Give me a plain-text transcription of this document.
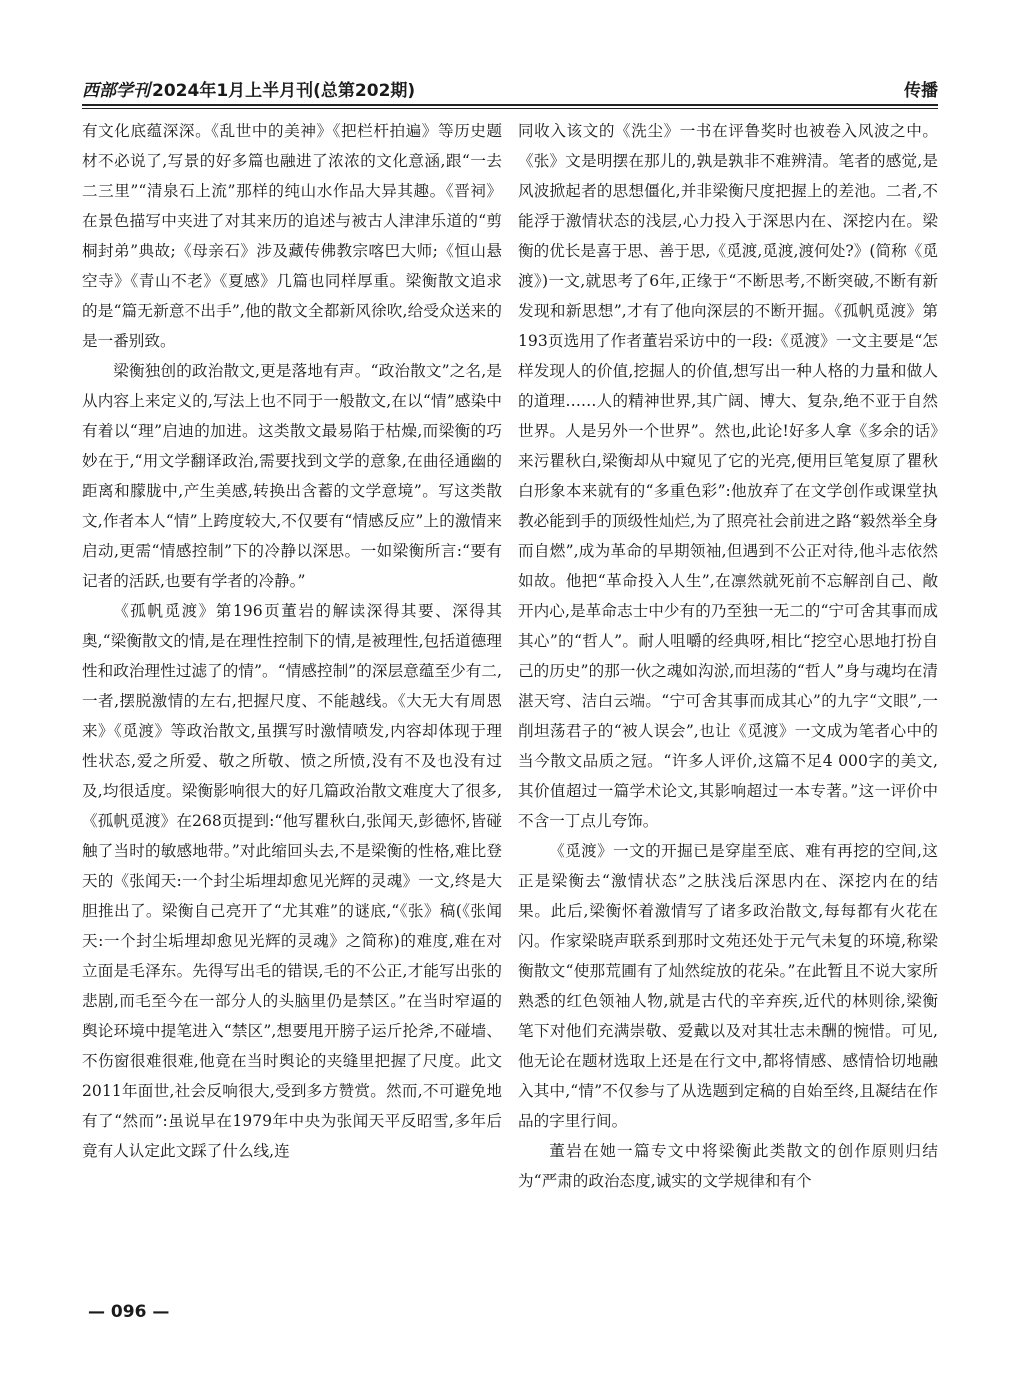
西部学刊 2024年1月上半月刊(总第202期)	传播

有文化底蕴深深。《乱世中的美神》《把栏杆拍遍》等历史题材不必说了,写景的好多篇也融进了浓浓的文化意涵,跟“一去二三里”“清泉石上流”那样的纯山水作品大异其趣。《晋祠》在景色描写中夹进了对其来历的追述与被古人津津乐道的“剪桐封弟”典故;《母亲石》涉及藏传佛教宗喀巴大师;《恒山悬空寺》《青山不老》《夏感》几篇也同样厚重。梁衡散文追求的是“篇无新意不出手”,他的散文全都新风徐吹,给受众送来的是一番别致。

梁衡独创的政治散文,更是落地有声。“政治散文”之名,是从内容上来定义的,写法上也不同于一般散文,在以“情”感染中有着以“理”启迪的加进。这类散文最易陷于枯燥,而梁衡的巧妙在于,“用文学翻译政治,需要找到文学的意象,在曲径通幽的距离和朦胧中,产生美感,转换出含蓄的文学意境”。写这类散文,作者本人“情”上跨度较大,不仅要有“情感反应”上的激情来启动,更需“情感控制”下的冷静以深思。一如梁衡所言:“要有记者的活跃,也要有学者的冷静。”

《孤帆觅渡》第196页董岩的解读深得其要、深得其奥,“梁衡散文的情,是在理性控制下的情,是被理性,包括道德理性和政治理性过滤了的情”。“情感控制”的深层意蕴至少有二,一者,摆脱激情的左右,把握尺度、不能越线。《大无大有周恩来》《觅渡》等政治散文,虽撰写时激情喷发,内容却体现于理性状态,爱之所爱、敬之所敬、愤之所愤,没有不及也没有过及,均很适度。梁衡影响很大的好几篇政治散文难度大了很多,《孤帆觅渡》在268页提到:“他写瞿秋白,张闻天,彭德怀,皆碰触了当时的敏感地带。”对此缩回头去,不是梁衡的性格,难比登天的《张闻天:一个封尘垢埋却愈见光辉的灵魂》一文,终是大胆推出了。梁衡自己亮开了“尤其难”的谜底,“《张》稿(《张闻天:一个封尘垢埋却愈见光辉的灵魂》之简称)的难度,难在对立面是毛泽东。先得写出毛的错误,毛的不公正,才能写出张的悲剧,而毛至今在一部分人的头脑里仍是禁区。”在当时窄逼的舆论环境中提笔进入“禁区”,想要甩开膀子运斤抡斧,不碰墙、不伤窗很难很难,他竟在当时舆论的夹缝里把握了尺度。此文2011年面世,社会反响很大,受到多方赞赏。然而,不可避免地有了“然而”:虽说早在1979年中央为张闻天平反昭雪,多年后竟有人认定此文踩了什么线,连

同收入该文的《洗尘》一书在评鲁奖时也被卷入风波之中。《张》文是明摆在那儿的,孰是孰非不难辨清。笔者的感觉,是风波掀起者的思想僵化,并非梁衡尺度把握上的差池。二者,不能浮于激情状态的浅层,心力投入于深思内在、深挖内在。梁衡的优长是喜于思、善于思,《觅渡,觅渡,渡何处?》(简称《觅渡》)一文,就思考了6年,正缘于“不断思考,不断突破,不断有新发现和新思想”,才有了他向深层的不断开掘。《孤帆觅渡》第193页选用了作者董岩采访中的一段:《觅渡》一文主要是“怎样发现人的价值,挖掘人的价值,想写出一种人格的力量和做人的道理……人的精神世界,其广阔、博大、复杂,绝不亚于自然世界。人是另外一个世界”。然也,此论!好多人拿《多余的话》来污瞿秋白,梁衡却从中窥见了它的光亮,便用巨笔复原了瞿秋白形象本来就有的“多重色彩”:他放弃了在文学创作或课堂执教必能到手的顶级性灿烂,为了照亮社会前进之路“毅然举全身而自燃”,成为革命的早期领袖,但遇到不公正对待,他斗志依然如故。他把“革命投入人生”,在凛然就死前不忘解剖自己、敞开内心,是革命志士中少有的乃至独一无二的“宁可舍其事而成其心”的“哲人”。耐人咀嚼的经典呀,相比“挖空心思地打扮自己的历史”的那一伙之魂如沟淤,而坦荡的“哲人”身与魂均在清湛天穹、洁白云端。“宁可舍其事而成其心”的九字“文眼”,一削坦荡君子的“被人误会”,也让《觅渡》一文成为笔者心中的当今散文品质之冠。“许多人评价,这篇不足4 000字的美文,其价值超过一篇学术论文,其影响超过一本专著。”这一评价中不含一丁点儿夸饰。

《觅渡》一文的开掘已是穿崖至底、难有再挖的空间,这正是梁衡去“激情状态”之肤浅后深思内在、深挖内在的结果。此后,梁衡怀着激情写了诸多政治散文,每每都有火花在闪。作家梁晓声联系到那时文苑还处于元气未复的环境,称梁衡散文“使那荒圃有了灿然绽放的花朵。”在此暂且不说大家所熟悉的红色领袖人物,就是古代的辛弃疾,近代的林则徐,梁衡笔下对他们充满崇敬、爱戴以及对其壮志未酬的惋惜。可见,他无论在题材选取上还是在行文中,都将情感、感情恰切地融入其中,“情”不仅参与了从选题到定稿的自始至终,且凝结在作品的字里行间。

董岩在她一篇专文中将梁衡此类散文的创作原则归结为“严肃的政治态度,诚实的文学规律和有个

— 096 —
